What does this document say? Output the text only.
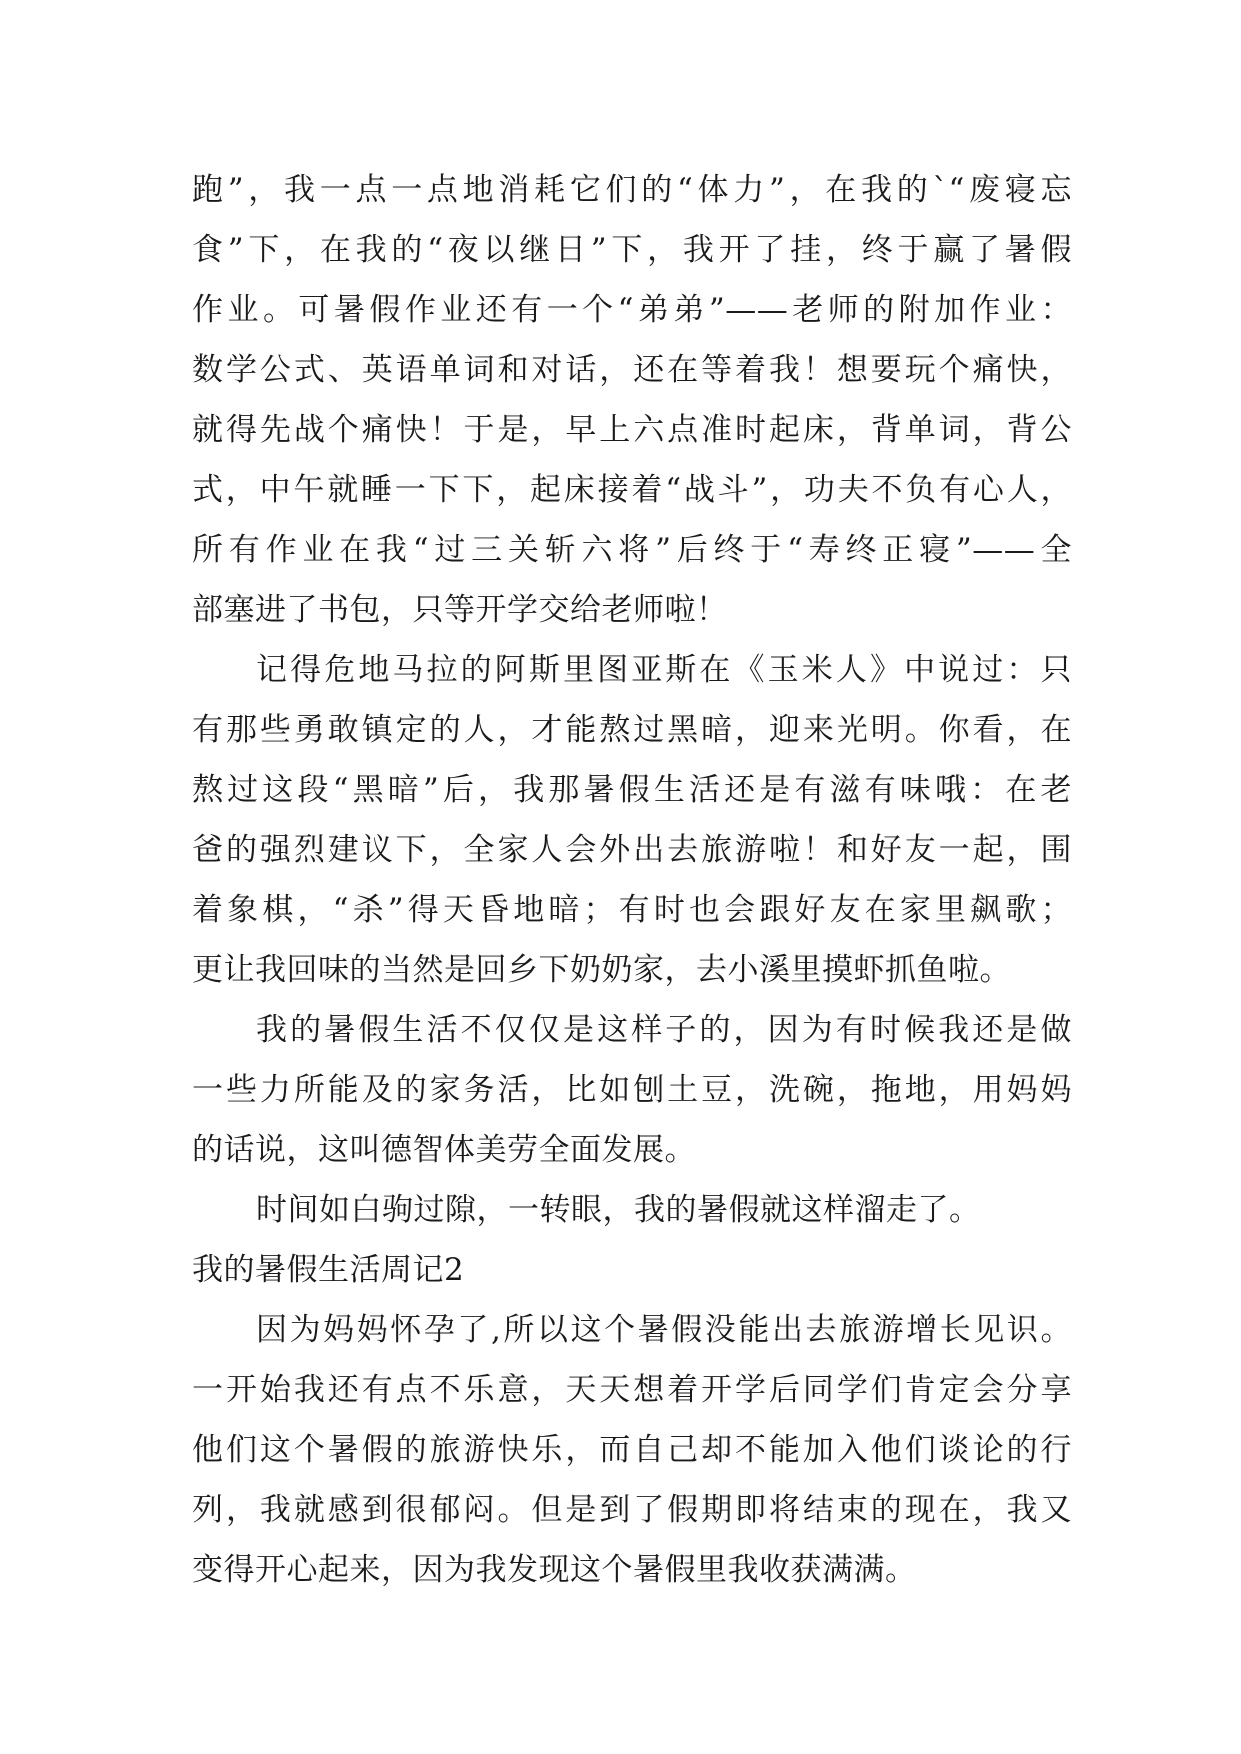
跑”，我一点一点地消耗它们的“体力”，在我的`“废寝忘
食”下，在我的“夜以继日”下，我开了挂，终于赢了暑假
作业。可暑假作业还有一个“弟弟”——老师的附加作业：
数学公式、英语单词和对话，还在等着我！想要玩个痛快，
就得先战个痛快！于是，早上六点准时起床，背单词，背公
式，中午就睡一下下，起床接着“战斗”，功夫不负有心人，
所有作业在我“过三关斩六将”后终于“寿终正寝”——全
部塞进了书包，只等开学交给老师啦！
记得危地马拉的阿斯里图亚斯在《玉米人》中说过：只
有那些勇敢镇定的人，才能熬过黑暗，迎来光明。你看，在
熬过这段“黑暗”后，我那暑假生活还是有滋有味哦：在老
爸的强烈建议下，全家人会外出去旅游啦！和好友一起，围
着象棋，“杀”得天昏地暗；有时也会跟好友在家里飙歌；
更让我回味的当然是回乡下奶奶家，去小溪里摸虾抓鱼啦。
我的暑假生活不仅仅是这样子的，因为有时候我还是做
一些力所能及的家务活，比如刨土豆，洗碗，拖地，用妈妈
的话说，这叫德智体美劳全面发展。
时间如白驹过隙，一转眼，我的暑假就这样溜走了。
我的暑假生活周记2
因为妈妈怀孕了,所以这个暑假没能出去旅游增长见识。
一开始我还有点不乐意，天天想着开学后同学们肯定会分享
他们这个暑假的旅游快乐，而自己却不能加入他们谈论的行
列，我就感到很郁闷。但是到了假期即将结束的现在，我又
变得开心起来，因为我发现这个暑假里我收获满满。
